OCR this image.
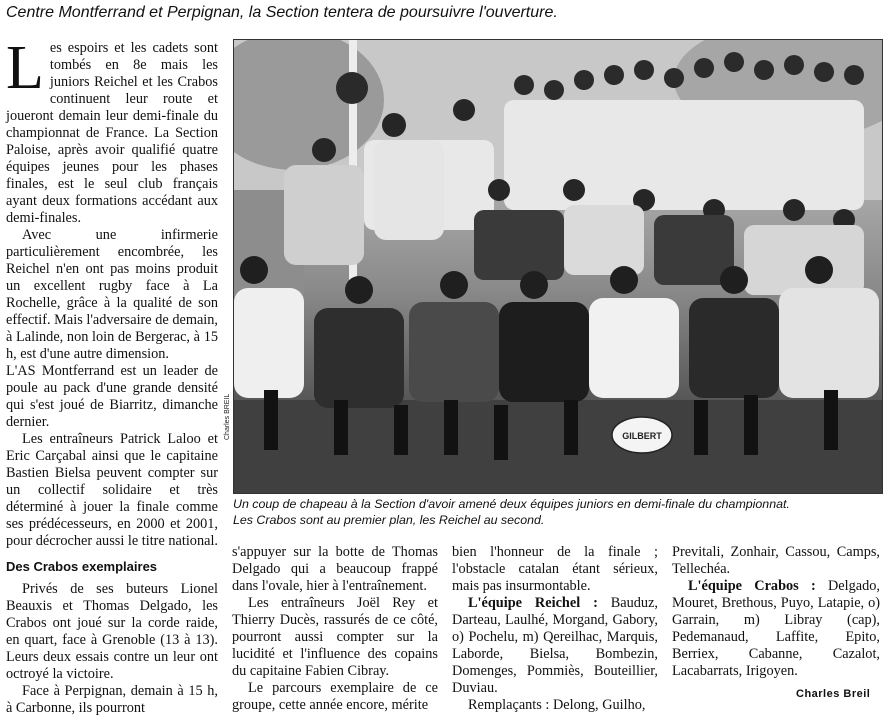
Centre Montferrand et Perpignan, la Section tentera de poursuivre l'ouverture.

Les espoirs et les cadets sont tombés en 8e mais les juniors Reichel et les Crabos continuent leur route et joueront demain leur demi-finale du championnat de France. La Section Paloise, après avoir qualifié quatre équipes jeunes pour les phases finales, est le seul club français ayant deux formations accédant aux demi-finales.

Avec une infirmerie particulièrement encombrée, les Reichel n'en ont pas moins produit un excellent rugby face à La Rochelle, grâce à la qualité de son effectif. Mais l'adversaire de demain, à Lalinde, non loin de Bergerac, à 15 h, est d'une autre dimension.

L'AS Montferrand est un leader de poule au pack d'une grande densité qui s'est joué de Biarritz, dimanche dernier.

Les entraîneurs Patrick Laloo et Eric Carçabal ainsi que le capitaine Bastien Bielsa peuvent compter sur un collectif solidaire et très déterminé à jouer la finale comme ses prédécesseurs, en 2000 et 2001, pour décrocher aussi le titre national.

Des Crabos exemplaires

Privés de ses buteurs Lionel Beauxis et Thomas Delgado, les Crabos ont joué sur la corde raide, en quart, face à Grenoble (13 à 13). Leurs deux essais contre un leur ont octroyé la victoire.

Face à Perpignan, demain à 15 h, à Carbonne, ils pourront

s'appuyer sur la botte de Thomas Delgado qui a beaucoup frappé dans l'ovale, hier à l'entraînement.

Les entraîneurs Joël Rey et Thierry Ducès, rassurés de ce côté, pourront aussi compter sur la lucidité et l'influence des copains du capitaine Fabien Cibray.

Le parcours exemplaire de ce groupe, cette année encore, mérite

bien l'honneur de la finale ; l'obstacle catalan étant sérieux, mais pas insurmontable.

L'équipe Reichel : Bauduz, Darteau, Laulhé, Morgand, Gabory, o) Pochelu, m) Qereilhac, Marquis, Laborde, Bielsa, Bombezin, Domenges, Pommiès, Bouteillier, Duviau.

Remplaçants : Delong, Guilho,

Previtali, Zonhair, Cassou, Camps, Tellechéa.

L'équipe Crabos : Delgado, Mouret, Brethous, Puyo, Latapie, o) Garrain, m) Libray (cap), Pedemanaud, Laffite, Epito, Berriex, Cabanne, Cazalot, Lacabarrats, Irigoyen.

Charles Breil
GILBERT
Charles BREIL
Un coup de chapeau à la Section d'avoir amené deux équipes juniors en demi-finale du championnat.
Les Crabos sont au premier plan, les Reichel au second.
